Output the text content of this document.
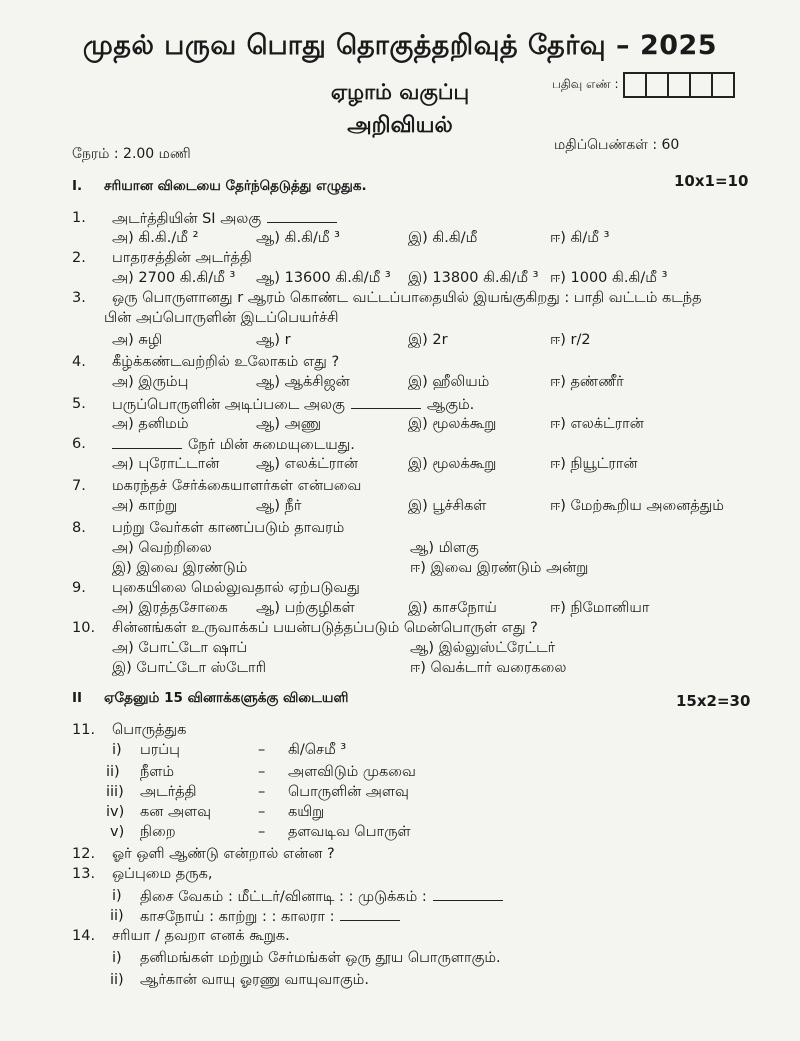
முதல் பருவ பொது தொகுத்தறிவுத் தேர்வு – 2025
ஏழாம் வகுப்பு	பதிவு எண் :
அறிவியல்
மதிப்பெண்கள் : 60
நேரம் : 2.00 மணி
I. சரியான விடையை தேர்ந்தெடுத்து எழுதுக.	10x1=10
1.	அடர்த்தியின் SI அலகு
அ) கி.கி./மீ ²	ஆ) கி.கி/மீ ³	இ) கி.கி/மீ	ஈ) கி/மீ ³
2.	பாதரசத்தின் அடர்த்தி
அ) 2700 கி.கி/மீ ³ ஆ) 13600 கி.கி/மீ ³ இ) 13800 கி.கி/மீ ³ ஈ) 1000 கி.கி/மீ ³
3.	ஒரு பொருளானது r ஆரம் கொண்ட வட்டப்பாதையில் இயங்குகிறது : பாதி வட்டம் கடந்த
பின் அப்பொருளின் இடப்பெயர்ச்சி
அ) சுழி	ஆ) r	இ) 2r	ஈ) r/2
4.	கீழ்க்கண்டவற்றில் உலோகம் எது ?
அ) இரும்பு	ஆ) ஆக்சிஜன்	இ) ஹீலியம்	ஈ) தண்ணீர்
5.	பருப்பொருளின் அடிப்படை அலகு	ஆகும்.
அ) தனிமம்	ஆ) அணு	இ) மூலக்கூறு	ஈ) எலக்ட்ரான்
6.	நேர் மின் சுமையுடையது.
அ) புரோட்டான்	ஆ) எலக்ட்ரான்	இ) மூலக்கூறு	ஈ) நியூட்ரான்
7.	மகரந்தச் சேர்க்கையாளர்கள் என்பவை
அ) காற்று	ஆ) நீர்	இ) பூச்சிகள்	ஈ) மேற்கூறிய அனைத்தும்
8.	பற்று வேர்கள் காணப்படும் தாவரம்
அ) வெற்றிலை	ஆ) மிளகு
இ) இவை இரண்டும்	ஈ) இவை இரண்டும் அன்று
9.	புகையிலை மெல்லுவதால் ஏற்படுவது
அ) இரத்தசோகை ஆ) பற்குழிகள்	இ) காசநோய்	ஈ) நிமோனியா
10.	சின்னங்கள் உருவாக்கப் பயன்படுத்தப்படும் மென்பொருள் எது ?
அ) போட்டோ ஷாப்	ஆ) இல்லுஸ்ட்ரேட்டர்
இ) போட்டோ ஸ்டோரி	ஈ) வெக்டார் வரைகலை
II ஏதேனும் 15 வினாக்களுக்கு விடையளி	15x2=30
11.	பொருத்துக
i) பரப்பு	– கி/செமீ ³
ii) நீளம்	– அளவிடும் முகவை
iii) அடர்த்தி	– பொருளின் அளவு
iv) கன அளவு	– கயிறு
v) நிறை	– தளவடிவ பொருள்
12.	ஓர் ஒளி ஆண்டு என்றால் என்ன ?
13.	ஒப்புமை தருக,
i) திசை வேகம் : மீட்டர்/வினாடி : : முடுக்கம் :
ii) காசநோய் : காற்று : : காலரா :
14.	சரியா / தவறா எனக் கூறுக.
i) தனிமங்கள் மற்றும் சேர்மங்கள் ஒரு தூய பொருளாகும்.
ii) ஆர்கான் வாயு ஓரணு வாயுவாகும்.
